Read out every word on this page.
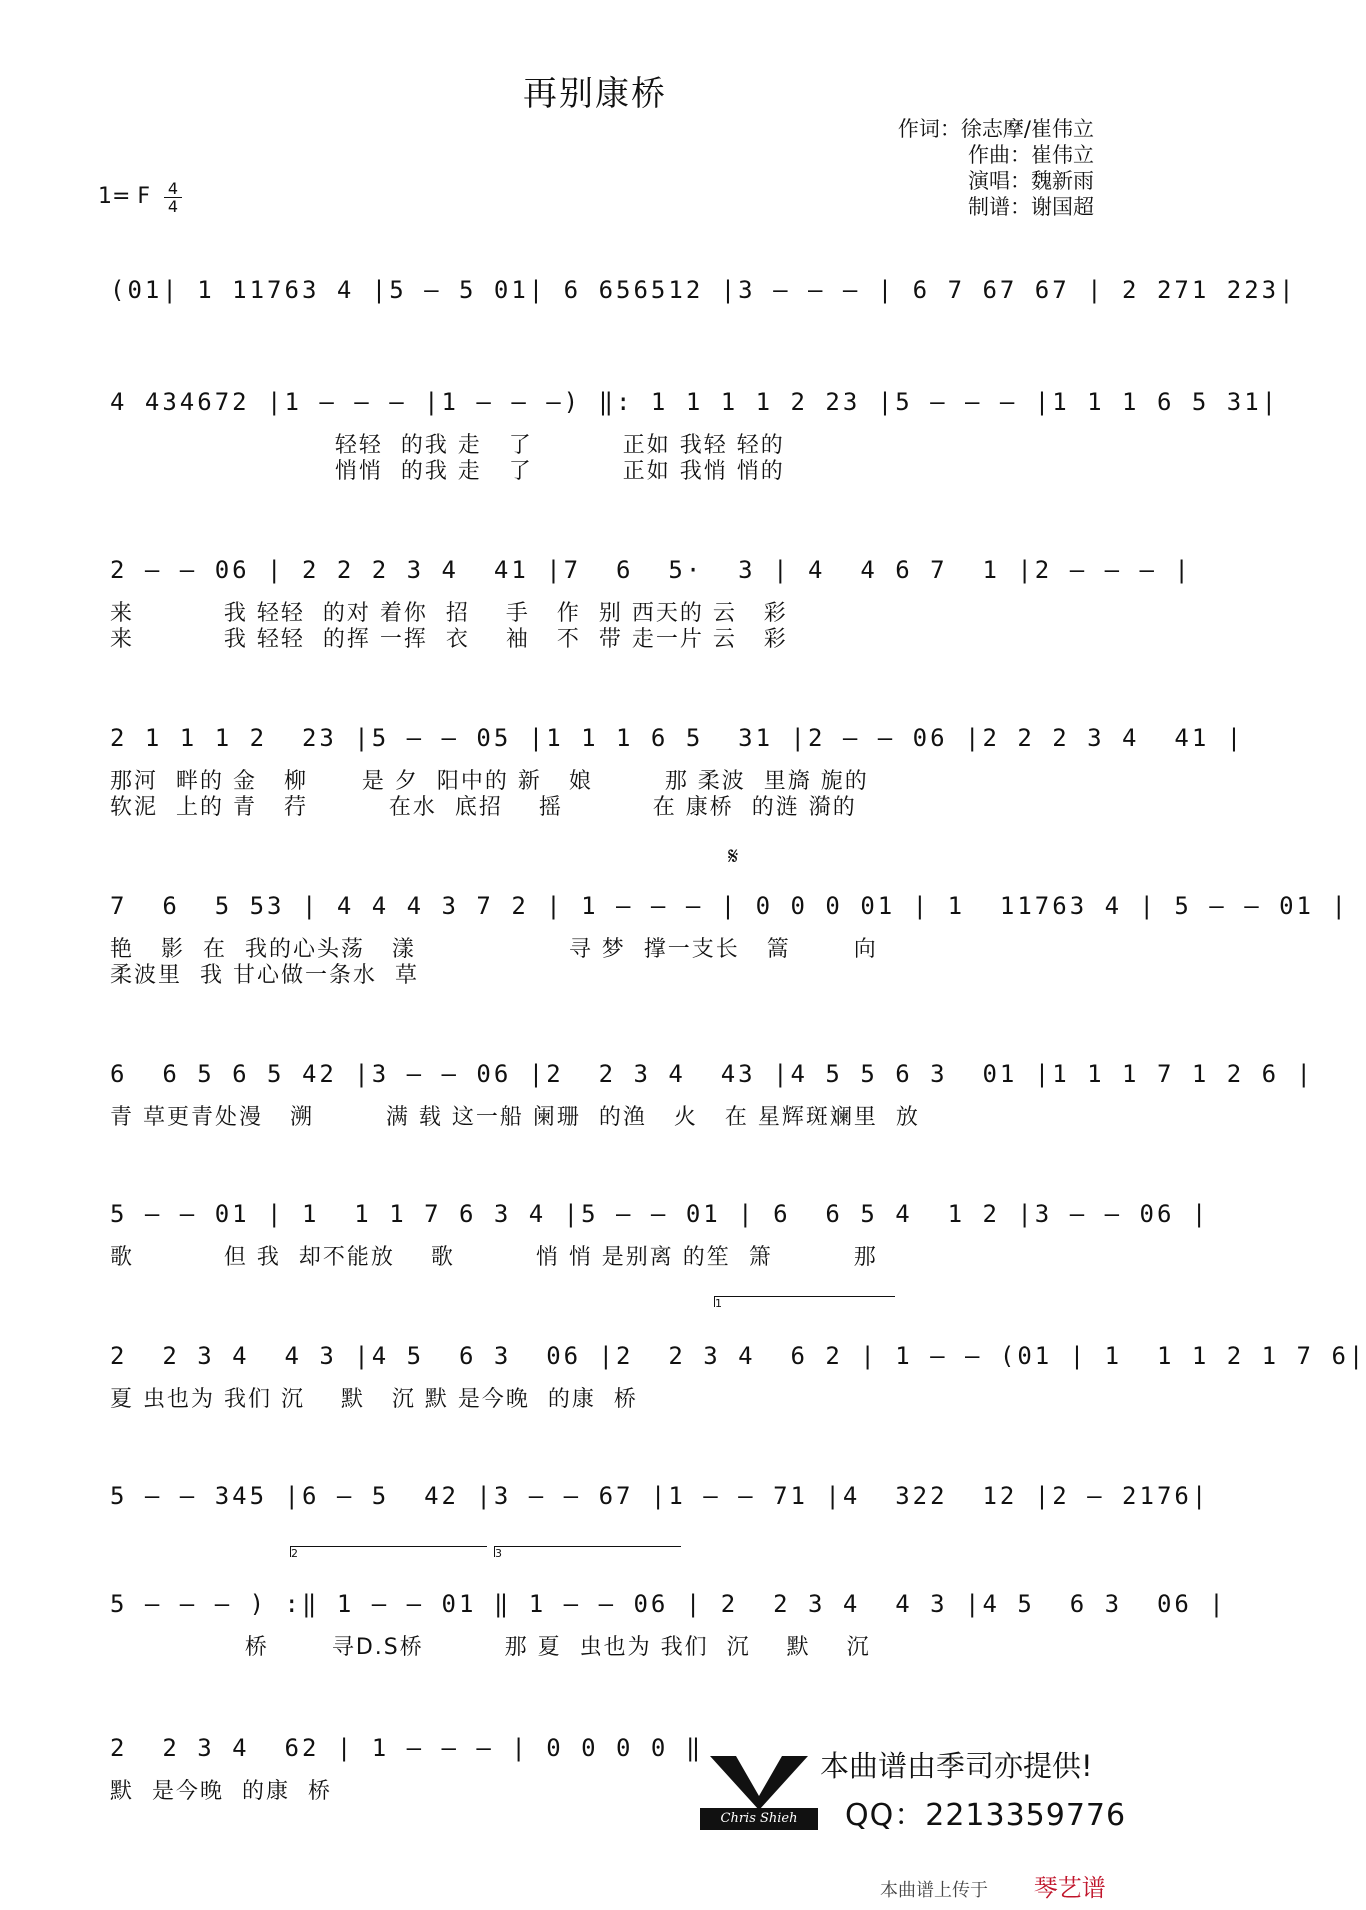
再别康桥
作词：徐志摩/崔伟立
作曲：崔伟立
演唱：魏新雨
制谱：谢国超
1= F 4
4
𝄋
(01| 1 11763 4 |5 – 5 01| 6 656512 |3 – – – | 6 7 67 67 | 2 271 223|
4 434672 |1 – – – |1 – – –) ‖: 1 1 1 1 2 23 |5 – – – |1 1 1 6 5 31|
轻轻  的我 走   了          正如 我轻 轻的
悄悄  的我 走   了          正如 我悄 悄的
2 – – 06 | 2 2 2 3 4  41 |7  6  5·  3 | 4  4 6 7  1 |2 – – – |
来          我 轻轻  的对 着你  招    手   作  别 西天的 云   彩
来          我 轻轻  的挥 一挥  衣    袖   不  带 走一片 云   彩
2 1 1 1 2  23 |5 – – 05 |1 1 1 6 5  31 |2 – – 06 |2 2 2 3 4  41 |
那河  畔的 金   柳      是 夕  阳中的 新   娘        那 柔波  里旖 旎的
软泥  上的 青   荇         在水  底招    摇          在 康桥  的涟 漪的
7  6  5 53 | 4 4 4 3 7 2 | 1 – – – | 0 0 0 01 | 1  11763 4 | 5 – – 01 |
艳   影  在  我的心头荡   漾                 寻 梦  撑一支长   篙       向
柔波里  我 甘心做一条水  草
6  6 5 6 5 42 |3 – – 06 |2  2 3 4  43 |4 5 5 6 3  01 |1 1 1 7 1 2 6 |
青 草更青处漫   溯        满 载 这一船 阑珊  的渔   火   在 星辉斑斓里  放
5 – – 01 | 1  1 1 7 6 3 4 |5 – – 01 | 6  6 5 4  1 2 |3 – – 06 |
歌          但 我  却不能放    歌         悄 悄 是别离 的笙  箫         那
2  2 3 4  4 3 |4 5  6 3  06 |2  2 3 4  6 2 | 1 – – (01 | 1  1 1 2 1 7 6|
夏 虫也为 我们 沉    默   沉 默 是今晚  的康  桥
5 – – 345 |6 – 5  42 |3 – – 67 |1 – – 71 |4  322  12 |2 – 2176|
5 – – – ) :‖ 1 – – 01 ‖ 1 – – 06 | 2  2 3 4  4 3 |4 5  6 3  06 |
桥       寻D.S桥         那 夏  虫也为 我们  沉    默    沉
2  2 3 4  62 | 1 – – – | 0 0 0 0 ‖
默  是今晚  的康  桥
1
2	3
Chris Shieh
本曲谱由季司亦提供!
QQ：2213359776
本曲谱上传于 琴艺谱
